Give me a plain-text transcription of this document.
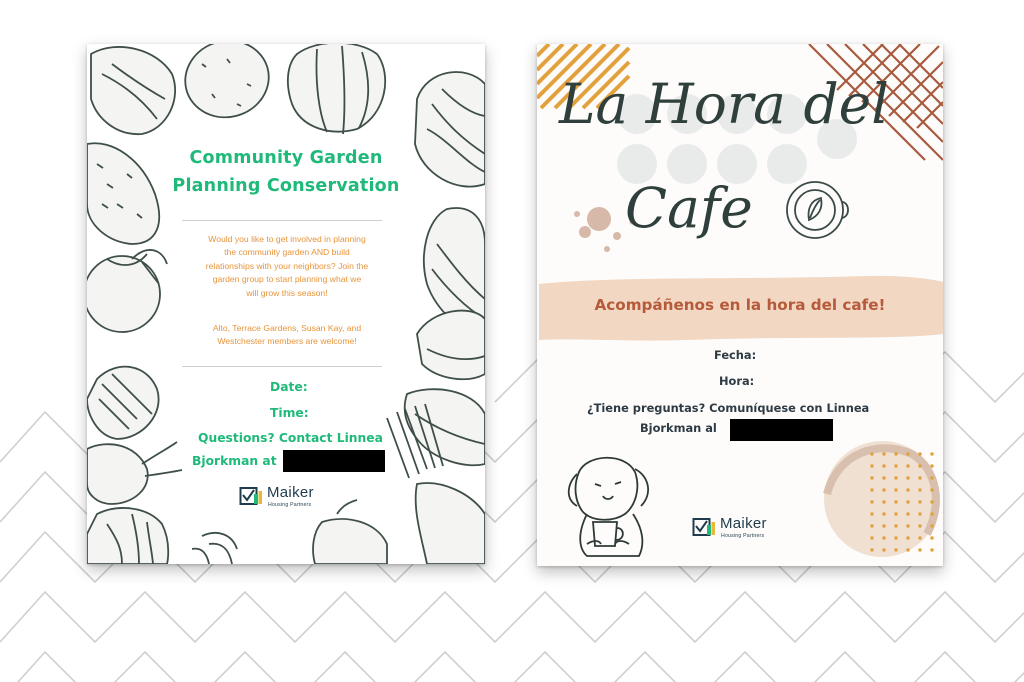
Community Garden
Planning Conservation
Would you like to get involved in planning
the community garden AND build
relationships with your neighbors? Join the
garden group to start planning what we
will grow this season!
Alto, Terrace Gardens, Susan Kay, and
Westchester members are welcome!
Date:
Time:
Questions? Contact Linnea
Bjorkman at
Maiker
Housing Partners
La Hora del
Cafe
Acompáñenos en la hora del cafe!
Fecha:
Hora:
¿Tiene preguntas? Comuníquese con Linnea
Bjorkman al
Maiker
Housing Partners
